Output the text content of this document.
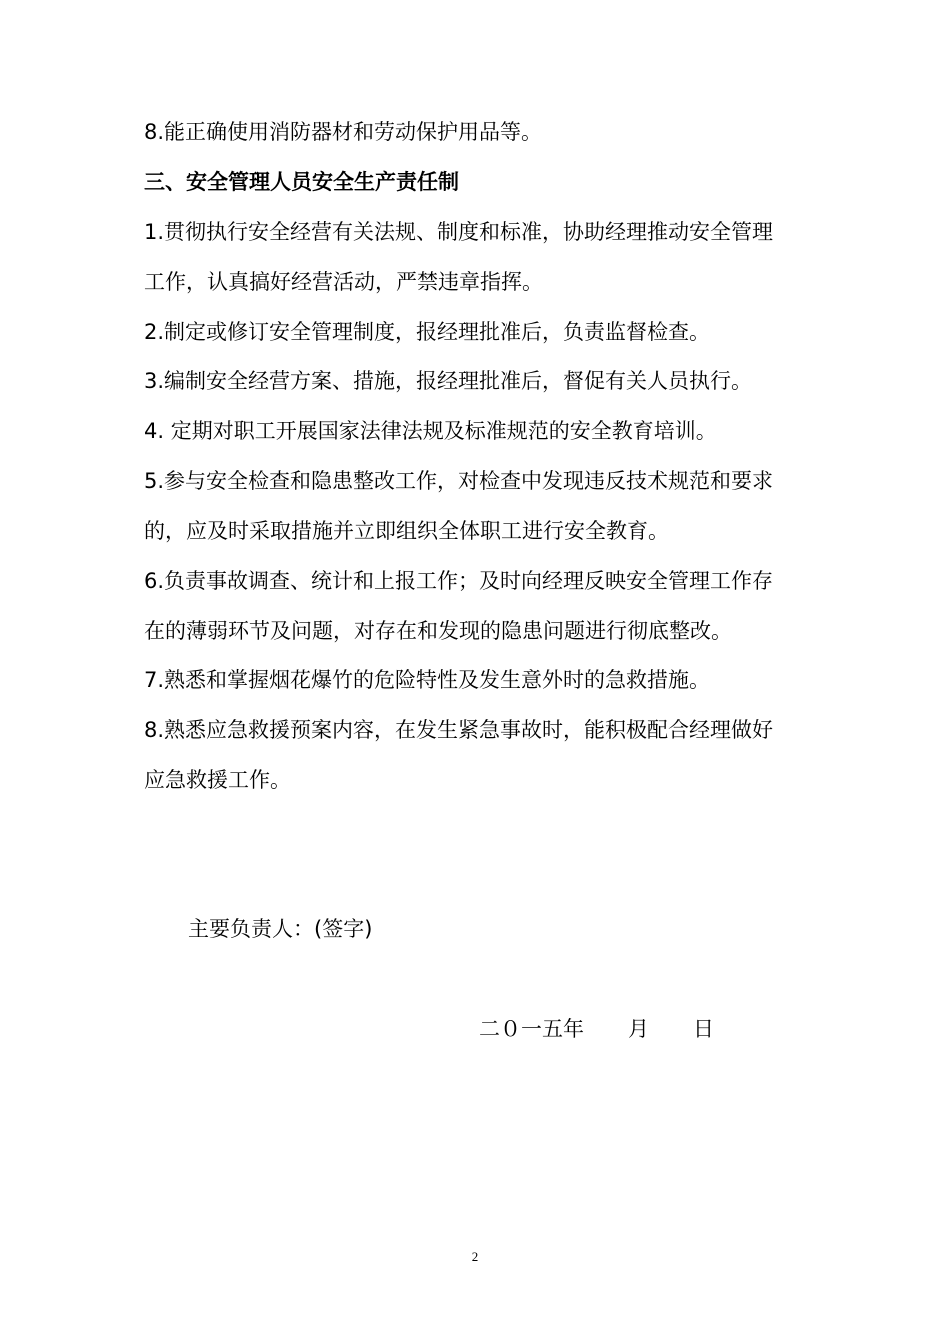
8.能正确使用消防器材和劳动保护用品等。
三、安全管理人员安全生产责任制
1.贯彻执行安全经营有关法规、制度和标准，协助经理推动安全管理
工作，认真搞好经营活动，严禁违章指挥。
2.制定或修订安全管理制度，报经理批准后，负责监督检查。
3.编制安全经营方案、措施，报经理批准后，督促有关人员执行。
4. 定期对职工开展国家法律法规及标准规范的安全教育培训。
5.参与安全检查和隐患整改工作，对检查中发现违反技术规范和要求
的，应及时采取措施并立即组织全体职工进行安全教育。
6.负责事故调查、统计和上报工作；及时向经理反映安全管理工作存
在的薄弱环节及问题，对存在和发现的隐患问题进行彻底整改。
7.熟悉和掌握烟花爆竹的危险特性及发生意外时的急救措施。
8.熟悉应急救援预案内容，在发生紧急事故时，能积极配合经理做好
应急救援工作。
主要负责人：(签字)
二０一五年 月 日
2
